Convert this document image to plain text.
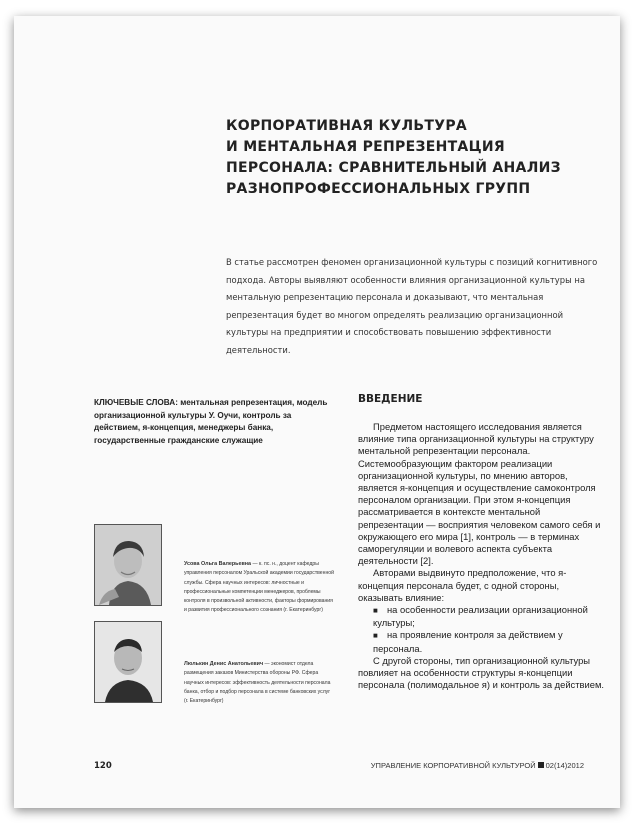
КОРПОРАТИВНАЯ КУЛЬТУРА
И МЕНТАЛЬНАЯ РЕПРЕЗЕНТАЦИЯ
ПЕРСОНАЛА: СРАВНИТЕЛЬНЫЙ АНАЛИЗ
РАЗНОПРОФЕССИОНАЛЬНЫХ ГРУПП
В статье рассмотрен феномен организационной культуры с позиций когнитивного подхода. Авторы выявляют особенности влияния организационной культуры на ментальную репрезентацию персонала и доказывают, что ментальная репрезентация будет во многом определять реализацию организационной культуры на предприятии и способствовать повышению эффективности деятельности.
КЛЮЧЕВЫЕ СЛОВА: ментальная репрезентация, модель организационной культуры У. Оучи, контроль за действием, я-концепция, менеджеры банка, государственные гражданские служащие
ВВЕДЕНИЕ

Предметом настоящего исследования является влияние типа организационной культуры на структуру ментальной репрезентации персонала. Системообразующим фактором реализации организационной культуры, по мнению авторов, является я-концепция и осуществление самоконтроля персоналом организации. При этом я-концепция рассматривается в контексте ментальной репрезентации — восприятия человеком самого себя и окружающего его мира [1], контроль — в терминах саморегуляции и волевого аспекта субъекта деятельности [2].

Авторами выдвинуто предположение, что я-концепция персонала будет, с одной стороны, оказывать влияние:

■ на особенности реализации организационной культуры;
■ на проявление контроля за действием у персонала.

С другой стороны, тип организационной культуры повлияет на особенности структуры я-концепции персонала (полимодальное я) и контроль за действием.

Усова Ольга Валерьевна — к. пс. н., доцент кафедры управления персоналом Уральской академии государственной службы. Сфера научных интересов: личностные и профессиональные компетенции менеджеров, проблемы контроля в произвольной активности, факторы формирования и развития профессионального сознания (г. Екатеринбург)
Люлькин Денис Анатольевич — экономист отдела размещения заказов Министерства обороны РФ. Сфера научных интересов: эффективность деятельности персонала банка, отбор и подбор персонала в системе банковских услуг (г. Екатеринбург)
120	УПРАВЛЕНИЕ КОРПОРАТИВНОЙ КУЛЬТУРОЙ 02(14)2012
